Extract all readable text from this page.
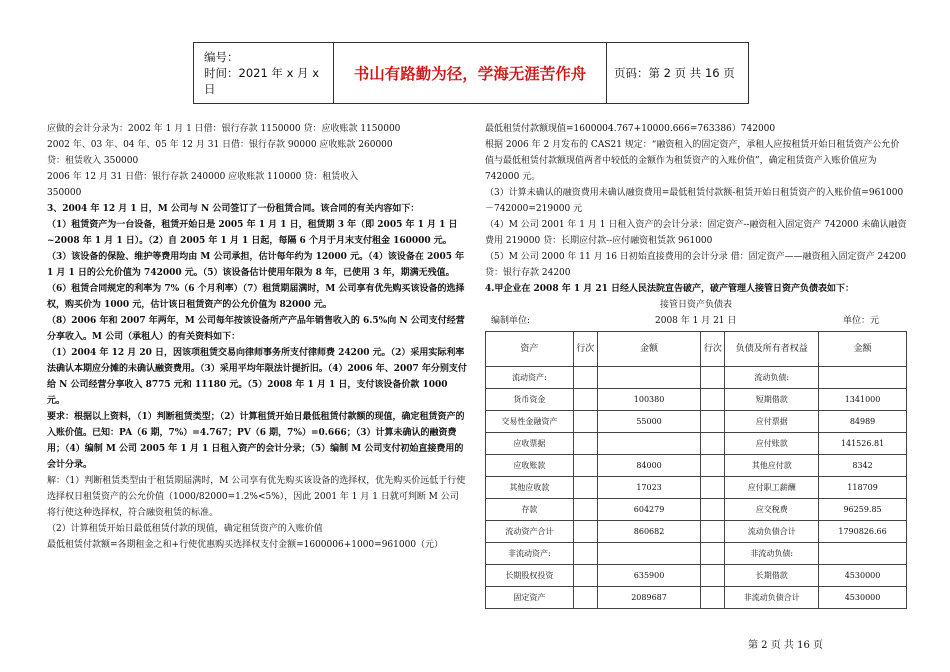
编号：
时间：2021 年 x 月 x 日
书山有路勤为径，学海无涯苦作舟	页码：第 2 页 共 16 页
应做的会计分录为：2002 年 1 月 1 日借：银行存款 1150000 贷：应收账款 1150000
2002 年、03 年、04 年、05 年 12 月 31 日借：银行存款 90000 应收账款 260000
贷：租赁收入 350000
2006 年 12 月 31 日借：银行存款 240000 应收账款 110000 贷：租赁收入
350000
3、2004 年 12 月 1 日，M 公司与 N 公司签订了一份租赁合同。该合同的有关内容如下：
（1）租赁资产为一台设备，租赁开始日是 2005 年 1 月 1 日，租赁期 3 年（即 2005 年 1 月 1 日~2008 年 1 月 1 日）。（2）自 2005 年 1 月 1 日起，每隔 6 个月于月末支付租金 160000 元。（3）该设备的保险、维护等费用均由 M 公司承担，估计每年约为 12000 元。（4）该设备在 2005 年 1 月 1 日的公允价值为 742000 元。（5）该设备估计使用年限为 8 年，已使用 3 年，期满无残值。（6）租赁合同规定的利率为 7%（6 个月利率）（7）租赁期届满时，M 公司享有优先购买该设备的选择权，购买价为 1000 元，估计该日租赁资产的公允价值为 82000 元。
（8）2006 年和 2007 年两年，M 公司每年按该设备所产产品年销售收入的 6.5%向 N 公司支付经营分享收入。M 公司（承租人）的有关资料如下：
（1）2004 年 12 月 20 日，因该项租赁交易向律师事务所支付律师费 24200 元。（2）采用实际利率法确认本期应分摊的未确认融资费用。（3）采用平均年限法计提折旧。（4）2006 年、2007 年分别支付给 N 公司经营分享收入 8775 元和 11180 元。（5）2008 年 1 月 1 日，支付该设备价款 1000 元。
要求：根据以上资料，（1）判断租赁类型；（2）计算租赁开始日最低租赁付款额的现值，确定租赁资产的入账价值。已知：PA（6 期，7%）=4.767；PV（6 期，7%）=0.666；（3）计算未确认的融资费用；（4）编制 M 公司 2005 年 1 月 1 日租入资产的会计分录；（5）编制 M 公司支付初始直接费用的会计分录。
解：（1）判断租赁类型由于租赁期届满时，M 公司享有优先购买该设备的选择权，优先购买价远低于行使选择权日租赁资产的公允价值（1000/82000=1.2%<5%），因此 2001 年 1 月 1 日就可判断 M 公司将行使这种选择权，符合融资租赁的标准。
（2）计算租赁开始日最低租赁付款的现值，确定租赁资产的入账价值
最低租赁付款额=各期租金之和+行使优惠购买选择权支付金额=1600006+1000=961000（元）
最低租赁付款额现值=1600004.767+10000.666=763386）742000
根据 2006 年 2 月发布的 CAS21 规定：“融资租入的固定资产，承租人应按租赁开始日租赁资产公允价值与最低租赁付款额现值两者中较低的金额作为租赁资产的入账价值”，确定租赁资产入账价值应为 742000 元。
（3）计算未确认的融资费用未确认融资费用=最低租赁付款额-租赁开始日租赁资产的入账价值=961000－742000=219000 元
（4）M 公司 2001 年 1 月 1 日租入资产的会计分录：固定资产--融资租入固定资产 742000 未确认融资费用 219000 贷：长期应付款--应付融资租赁款 961000
（5）M 公司 2000 年 11 月 16 日初始直接费用的会计分录 借：固定资产——融资租入固定资产 24200 贷：银行存款 24200
4.甲企业在 2008 年 1 月 21 日经人民法院宣告破产，破产管理人接管日资产负债表如下：
接管日资产负债表
编制单位:	2008 年 1 月 21 日	单位：元
资产	行次	金额	行次	负债及所有者权益	金额
流动资产:				流动负债:	
货币资金		100380		短期借款	1341000
交易性金融资产		55000		应付票据	84989
应收票据				应付账款	141526.81
应收账款		84000		其他应付款	8342
其他应收款		17023		应付职工薪酬	118709
存款		604279		应交税费	96259.85
流动资产合计		860682		流动负债合计	1790826.66
非流动资产:				非流动负债:	
长期股权投资		635900		长期借款	4530000
固定资产		2089687		非流动负债合计	4530000
第 2 页 共 16 页
